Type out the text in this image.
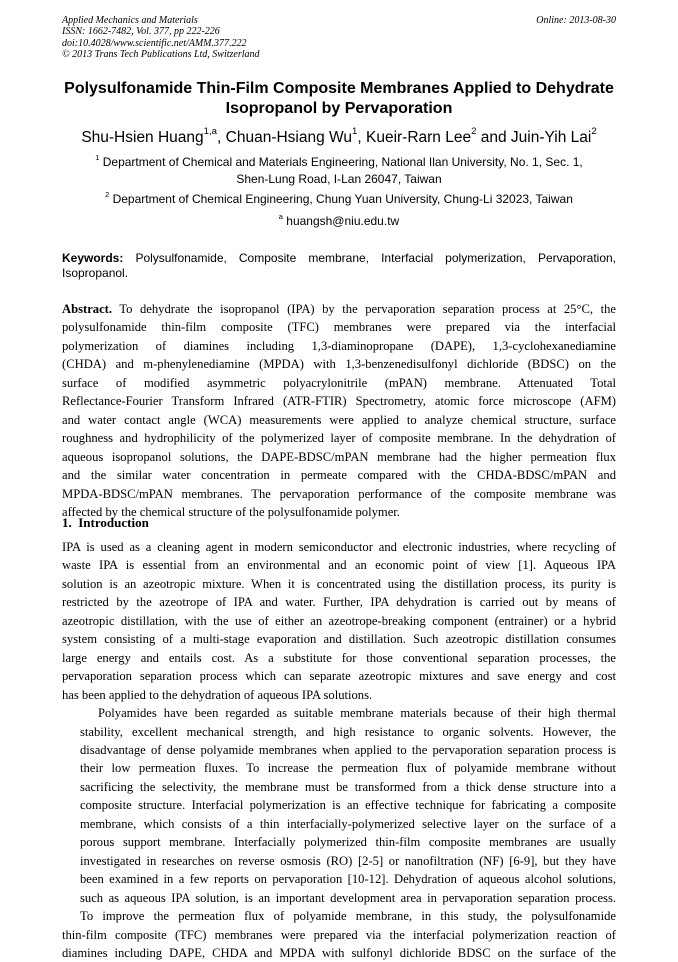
Applied Mechanics and Materials
ISSN: 1662-7482, Vol. 377, pp 222-226
doi:10.4028/www.scientific.net/AMM.377.222
© 2013 Trans Tech Publications Ltd, Switzerland
Online: 2013-08-30
Polysulfonamide Thin-Film Composite Membranes Applied to Dehydrate
Isopropanol by Pervaporation
Shu-Hsien Huang$^{1,a}$, Chuan-Hsiang Wu$^1$, Kueir-Rarn Lee$^2$ and Juin-Yih Lai$^2$
$^1$ Department of Chemical and Materials Engineering, National Ilan University, No. 1, Sec. 1,
Shen-Lung Road, I-Lan 26047, Taiwan
$^2$ Department of Chemical Engineering, Chung Yuan University, Chung-Li 32023, Taiwan
$^a$ huangsh@niu.edu.tw
Keywords: Polysulfonamide, Composite membrane, Interfacial polymerization, Pervaporation,
Isopropanol.
Abstract. To dehydrate the isopropanol (IPA) by the pervaporation separation process at 25°C, the
polysulfonamide thin-film composite (TFC) membranes were prepared via the interfacial
polymerization of diamines including 1,3-diaminopropane (DAPE), 1,3-cyclohexanediamine
(CHDA) and m-phenylenediamine (MPDA) with 1,3-benzenedisulfonyl dichloride (BDSC) on the
surface of modified asymmetric polyacrylonitrile (mPAN) membrane. Attenuated Total
Reflectance-Fourier Transform Infrared (ATR-FTIR) Spectrometry, atomic force microscope (AFM)
and water contact angle (WCA) measurements were applied to analyze chemical structure, surface
roughness and hydrophilicity of the polymerized layer of composite membrane. In the dehydration of
aqueous isopropanol solutions, the DAPE-BDSC/mPAN membrane had the higher permeation flux
and the similar water concentration in permeate compared with the CHDA-BDSC/mPAN and
MPDA-BDSC/mPAN membranes. The pervaporation performance of the composite membrane was
affected by the chemical structure of the polysulfonamide polymer.
1. Introduction

IPA is used as a cleaning agent in modern semiconductor and electronic industries, where recycling of
waste IPA is essential from an environmental and an economic point of view [1]. Aqueous IPA
solution is an azeotropic mixture. When it is concentrated using the distillation process, its purity is
restricted by the azeotrope of IPA and water. Further, IPA dehydration is carried out by means of
azeotropic distillation, with the use of either an azeotrope-breaking component (entrainer) or a hybrid
system consisting of a multi-stage evaporation and distillation. Such azeotropic distillation consumes
large energy and entails cost. As a substitute for those conventional separation processes, the
pervaporation separation process which can separate azeotropic mixtures and save energy and cost
has been applied to the dehydration of aqueous IPA solutions.

Polyamides have been regarded as suitable membrane materials because of their high thermal
stability, excellent mechanical strength, and high resistance to organic solvents. However, the
disadvantage of dense polyamide membranes when applied to the pervaporation separation process is
their low permeation fluxes. To increase the permeation flux of polyamide membrane without
sacrificing the selectivity, the membrane must be transformed from a thick dense structure into a
composite structure. Interfacial polymerization is an effective technique for fabricating a composite
membrane, which consists of a thin interfacially-polymerized selective layer on the surface of a
porous support membrane. Interfacially polymerized thin-film composite membranes are usually
investigated in researches on reverse osmosis (RO) [2-5] or nanofiltration (NF) [6-9], but they have
been examined in a few reports on pervaporation [10-12]. Dehydration of aqueous alcohol solutions,
such as aqueous IPA solution, is an important development area in pervaporation separation process.

To improve the permeation flux of polyamide membrane, in this study, the polysulfonamide
thin-film composite (TFC) membranes were prepared via the interfacial polymerization reaction of
diamines including DAPE, CHDA and MPDA with sulfonyl dichloride BDSC on the surface of the
